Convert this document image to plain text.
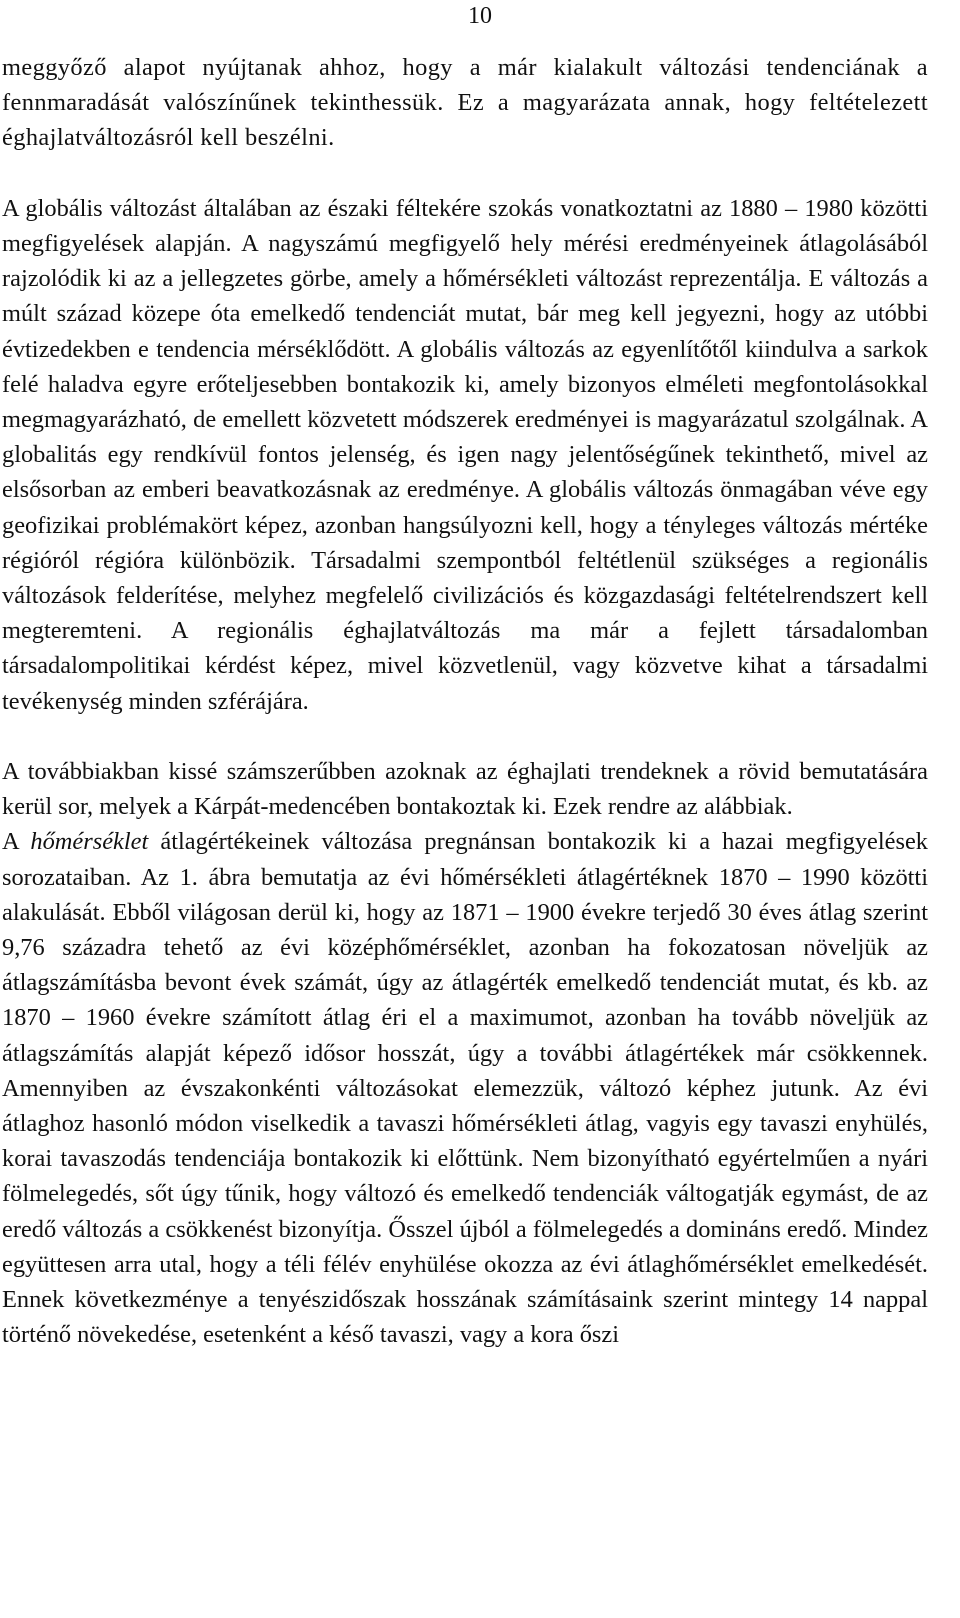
10

meggyőző alapot nyújtanak ahhoz, hogy a már kialakult változási tendenciának a fennmaradását valószínűnek tekinthessük. Ez a magyarázata annak, hogy feltételezett éghajlatváltozásról kell beszélni.

A globális változást általában az északi féltekére szokás vonatkoztatni az 1880 – 1980 közötti megfigyelések alapján. A nagyszámú megfigyelő hely mérési eredményeinek átlagolásából rajzolódik ki az a jellegzetes görbe, amely a hőmérsékleti változást reprezentálja. E változás a múlt század közepe óta emelkedő tendenciát mutat, bár meg kell jegyezni, hogy az utóbbi évtizedekben e tendencia mérséklődött. A globális változás az egyenlítőtől kiindulva a sarkok felé haladva egyre erőteljesebben bontakozik ki, amely bizonyos elméleti megfontolásokkal megmagyarázható, de emellett közvetett módszerek eredményei is magyarázatul szolgálnak. A globalitás egy rendkívül fontos jelenség, és igen nagy jelentőségűnek tekinthető, mivel az elsősorban az emberi beavatkozásnak az eredménye. A globális változás önmagában véve egy geofizikai problémakört képez, azonban hangsúlyozni kell, hogy a tényleges változás mértéke régióról régióra különbözik. Társadalmi szempontból feltétlenül szükséges a regionális változások felderítése, melyhez megfelelő civilizációs és közgazdasági feltételrendszert kell megteremteni. A regionális éghajlatváltozás ma már a fejlett társadalomban társadalompolitikai kérdést képez, mivel közvetlenül, vagy közvetve kihat a társadalmi tevékenység minden szférájára.

A továbbiakban kissé számszerűbben azoknak az éghajlati trendeknek a rövid bemutatására kerül sor, melyek a Kárpát-medencében bontakoztak ki. Ezek rendre az alábbiak.

A hőmérséklet átlagértékeinek változása pregnánsan bontakozik ki a hazai megfigyelések sorozataiban. Az 1. ábra bemutatja az évi hőmérsékleti átlagértéknek 1870 – 1990 közötti alakulását. Ebből világosan derül ki, hogy az 1871 – 1900 évekre terjedő 30 éves átlag szerint 9,76 századra tehető az évi középhőmérséklet, azonban ha fokozatosan növeljük az átlagszámításba bevont évek számát, úgy az átlagérték emelkedő tendenciát mutat, és kb. az 1870 – 1960 évekre számított átlag éri el a maximumot, azonban ha tovább növeljük az átlagszámítás alapját képező idősor hosszát, úgy a további átlagértékek már csökkennek. Amennyiben az évszakonkénti változásokat elemezzük, változó képhez jutunk. Az évi átlaghoz hasonló módon viselkedik a tavaszi hőmérsékleti átlag, vagyis egy tavaszi enyhülés, korai tavaszodás tendenciája bontakozik ki előttünk. Nem bizonyítható egyértelműen a nyári fölmelegedés, sőt úgy tűnik, hogy változó és emelkedő tendenciák váltogatják egymást, de az eredő változás a csökkenést bizonyítja. Ősszel újból a fölmelegedés a domináns eredő. Mindez együttesen arra utal, hogy a téli félév enyhülése okozza az évi átlaghőmérséklet emelkedését. Ennek következménye a tenyészidőszak hosszának számításaink szerint mintegy 14 nappal történő növekedése, esetenként a késő tavaszi, vagy a kora őszi
